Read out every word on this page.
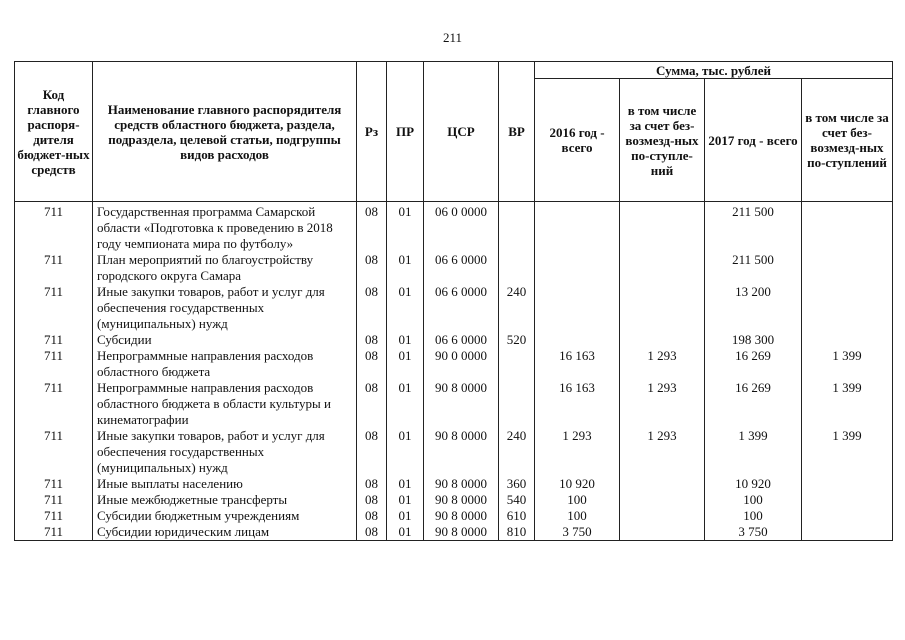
211
Код главного распоря-дителя бюджет-ных средств	Наименование главного распорядителя средств областного бюджета, раздела, подраздела, целевой статьи, подгруппы видов расходов	Рз	ПР	ЦСР	ВР	Сумма, тыс. рублей			
						2016 год - всего	в том числе за счет без-возмезд-ных по-ступле-ний	2017 год - всего	в том числе за счет без-возмезд-ных по-ступлений
711	Государственная программа Самарской области «Подготовка к проведению в 2018 году чемпионата мира по футболу»	08	01	06 0 0000				211 500	
711	План мероприятий по благоустройству городского округа Самара	08	01	06 6 0000				211 500	
711	Иные закупки товаров, работ и услуг для обеспечения государственных (муниципальных) нужд	08	01	06 6 0000	240			13 200	
711	Субсидии	08	01	06 6 0000	520			198 300	
711	Непрограммные направления расходов областного бюджета	08	01	90 0 0000		16 163	1 293	16 269	1 399
711	Непрограммные направления расходов областного бюджета в области культуры и кинематографии	08	01	90 8 0000		16 163	1 293	16 269	1 399
711	Иные закупки товаров, работ и услуг для обеспечения государственных (муниципальных) нужд	08	01	90 8 0000	240	1 293	1 293	1 399	1 399
711	Иные выплаты населению	08	01	90 8 0000	360	10 920		10 920	
711	Иные межбюджетные трансферты	08	01	90 8 0000	540	100		100	
711	Субсидии бюджетным учреждениям	08	01	90 8 0000	610	100		100	
711	Субсидии юридическим лицам	08	01	90 8 0000	810	3 750		3 750	
